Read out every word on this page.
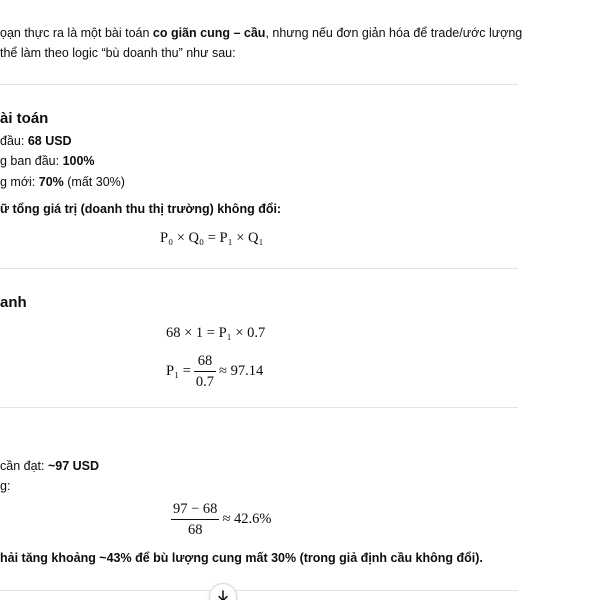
ọạn thực ra là một bài toán co giãn cung – cầu, nhưng nếu đơn giản hóa để trade/ước lượng
thể làm theo logic “bù doanh thu” như sau:
ài toán
đầu: 68 USD
g ban đầu: 100%
g mới: 70% (mất 30%)
ữ tổng giá trị (doanh thu thị trường) không đổi:
P₀ × Q₀ = P₁ × Q₁
anh
68 × 1 = P₁ × 0.7
$P_1 = \frac{68}{0.7} \approx 97.14$
cần đạt: ~97 USD
g:
$\frac{97 - 68}{68} \approx 42.6\%$
hải tăng khoảng ~43% để bù lượng cung mất 30% (trong giả định cầu không đổi).
